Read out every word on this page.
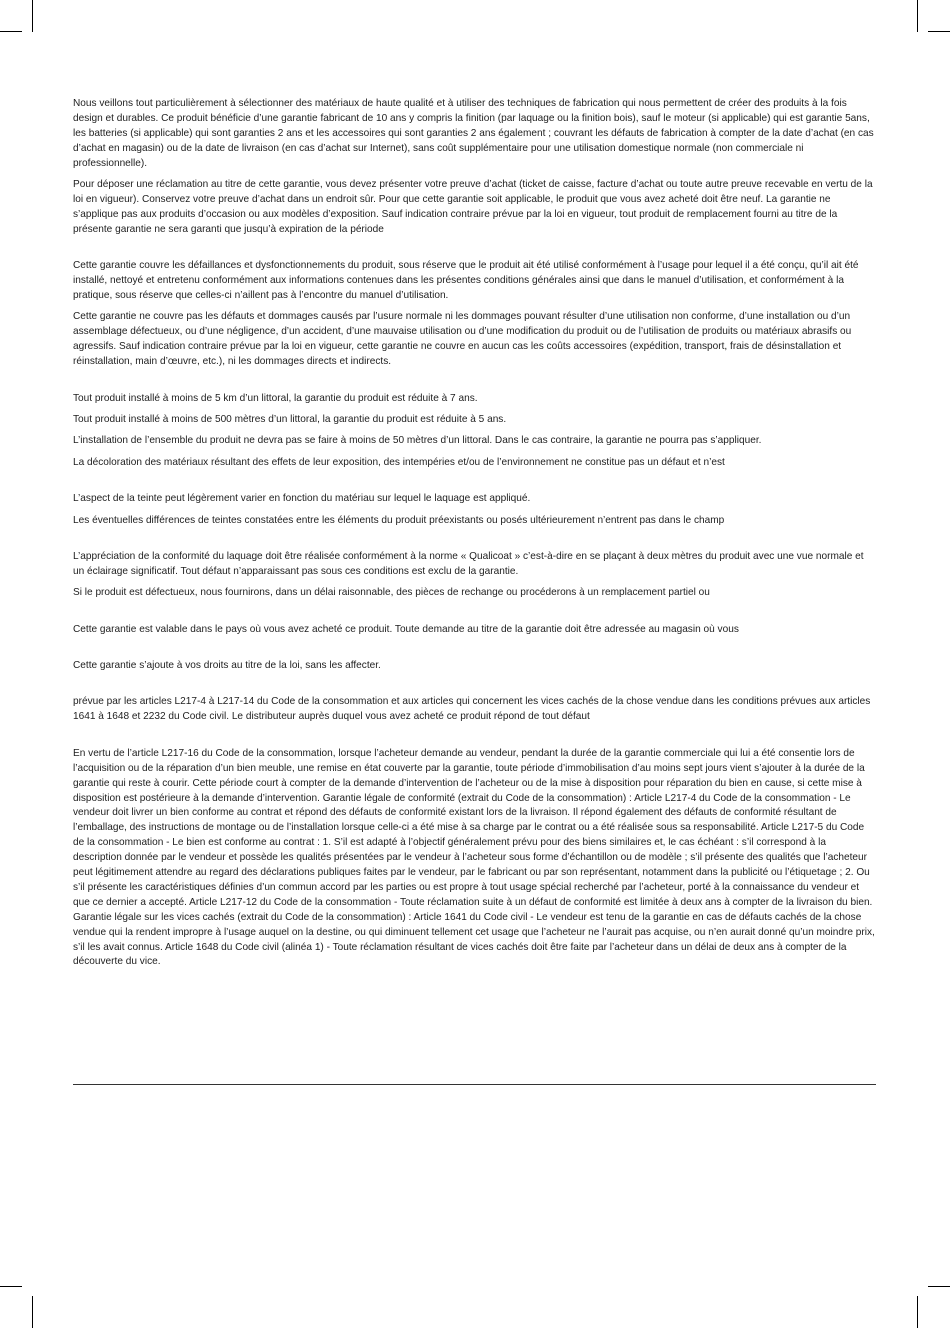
Nous veillons tout particulièrement à sélectionner des matériaux de haute qualité et à utiliser des techniques de fabrication qui nous permettent de créer des produits à la fois design et durables. Ce produit bénéficie d’une garantie fabricant de 10 ans y compris la finition (par laquage ou la finition bois), sauf le moteur (si applicable) qui est garantie 5ans, les batteries (si applicable) qui sont garanties 2 ans et les accessoires qui sont garanties 2 ans également ; couvrant les défauts de fabrication à compter de la date d’achat (en cas d’achat en magasin) ou de la date de livraison (en cas d’achat sur Internet), sans coût supplémentaire pour une utilisation domestique normale (non commerciale ni professionnelle).

Pour déposer une réclamation au titre de cette garantie, vous devez présenter votre preuve d’achat (ticket de caisse, facture d’achat ou toute autre preuve recevable en vertu de la loi en vigueur). Conservez votre preuve d’achat dans un endroit sûr. Pour que cette garantie soit applicable, le produit que vous avez acheté doit être neuf. La garantie ne s’applique pas aux produits d’occasion ou aux modèles d’exposition. Sauf indication contraire prévue par la loi en vigueur, tout produit de remplacement fourni au titre de la présente garantie ne sera garanti que jusqu’à expiration de la période

Cette garantie couvre les défaillances et dysfonctionnements du produit, sous réserve que le produit ait été utilisé conformément à l’usage pour lequel il a été conçu, qu’il ait été installé, nettoyé et entretenu conformément aux informations contenues dans les présentes conditions générales ainsi que dans le manuel d’utilisation, et conformément à la pratique, sous réserve que celles-ci n’aillent pas à l’encontre du manuel d’utilisation.

Cette garantie ne couvre pas les défauts et dommages causés par l’usure normale ni les dommages pouvant résulter d’une utilisation non conforme, d’une installation ou d’un assemblage défectueux, ou d’une négligence, d’un accident, d’une mauvaise utilisation ou d’une modification du produit ou de l’utilisation de produits ou matériaux abrasifs ou agressifs. Sauf indication contraire prévue par la loi en vigueur, cette garantie ne couvre en aucun cas les coûts accessoires (expédition, transport, frais de désinstallation et réinstallation, main d’œuvre, etc.), ni les dommages directs et indirects.

Tout produit installé à moins de 5 km d’un littoral, la garantie du produit est réduite à 7 ans.

Tout produit installé à moins de 500 mètres d’un littoral, la garantie du produit est réduite à 5 ans.

L’installation de l’ensemble du produit ne devra pas se faire à moins de 50 mètres d’un littoral. Dans le cas contraire, la garantie ne pourra pas s’appliquer.

La décoloration des matériaux résultant des effets de leur exposition, des intempéries et/ou de l’environnement ne constitue pas un défaut et n’est

L’aspect de la teinte peut légèrement varier en fonction du matériau sur lequel le laquage est appliqué.

Les éventuelles différences de teintes constatées entre les éléments du produit préexistants ou posés ultérieurement n’entrent pas dans le champ

L’appréciation de la conformité du laquage doit être réalisée conformément à la norme « Qualicoat » c’est-à-dire en se plaçant à deux mètres du produit avec une vue normale et un éclairage significatif. Tout défaut n’apparaissant pas sous ces conditions est exclu de la garantie.

Si le produit est défectueux, nous fournirons, dans un délai raisonnable, des pièces de rechange ou procéderons à un remplacement partiel ou

Cette garantie est valable dans le pays où vous avez acheté ce produit. Toute demande au titre de la garantie doit être adressée au magasin où vous

Cette garantie s’ajoute à vos droits au titre de la loi, sans les affecter.

prévue par les articles L217-4 à L217-14 du Code de la consommation et aux articles qui concernent les vices cachés de la chose vendue dans les conditions prévues aux articles 1641 à 1648 et 2232 du Code civil. Le distributeur auprès duquel vous avez acheté ce produit répond de tout défaut

En vertu de l’article L217-16 du Code de la consommation, lorsque l’acheteur demande au vendeur, pendant la durée de la garantie commerciale qui lui a été consentie lors de l’acquisition ou de la réparation d’un bien meuble, une remise en état couverte par la garantie, toute période d’immobilisation d’au moins sept jours vient s’ajouter à la durée de la garantie qui reste à courir. Cette période court à compter de la demande d’intervention de l’acheteur ou de la mise à disposition pour réparation du bien en cause, si cette mise à disposition est postérieure à la demande d’intervention. Garantie légale de conformité (extrait du Code de la consommation) : Article L217-4 du Code de la consommation - Le vendeur doit livrer un bien conforme au contrat et répond des défauts de conformité existant lors de la livraison. Il répond également des défauts de conformité résultant de l’emballage, des instructions de montage ou de l’installation lorsque celle-ci a été mise à sa charge par le contrat ou a été réalisée sous sa responsabilité. Article L217-5 du Code de la consommation - Le bien est conforme au contrat : 1. S’il est adapté à l’objectif généralement prévu pour des biens similaires et, le cas échéant : s’il correspond à la description donnée par le vendeur et possède les qualités présentées par le vendeur à l’acheteur sous forme d’échantillon ou de modèle ; s’il présente des qualités que l’acheteur peut légitimement attendre au regard des déclarations publiques faites par le vendeur, par le fabricant ou par son représentant, notamment dans la publicité ou l’étiquetage ; 2. Ou s’il présente les caractéristiques définies d’un commun accord par les parties ou est propre à tout usage spécial recherché par l’acheteur, porté à la connaissance du vendeur et que ce dernier a accepté. Article L217-12 du Code de la consommation - Toute réclamation suite à un défaut de conformité est limitée à deux ans à compter de la livraison du bien. Garantie légale sur les vices cachés (extrait du Code de la consommation) : Article 1641 du Code civil - Le vendeur est tenu de la garantie en cas de défauts cachés de la chose vendue qui la rendent impropre à l’usage auquel on la destine, ou qui diminuent tellement cet usage que l’acheteur ne l’aurait pas acquise, ou n’en aurait donné qu’un moindre prix, s’il les avait connus. Article 1648 du Code civil (alinéa 1) - Toute réclamation résultant de vices cachés doit être faite par l’acheteur dans un délai de deux ans à compter de la découverte du vice.
